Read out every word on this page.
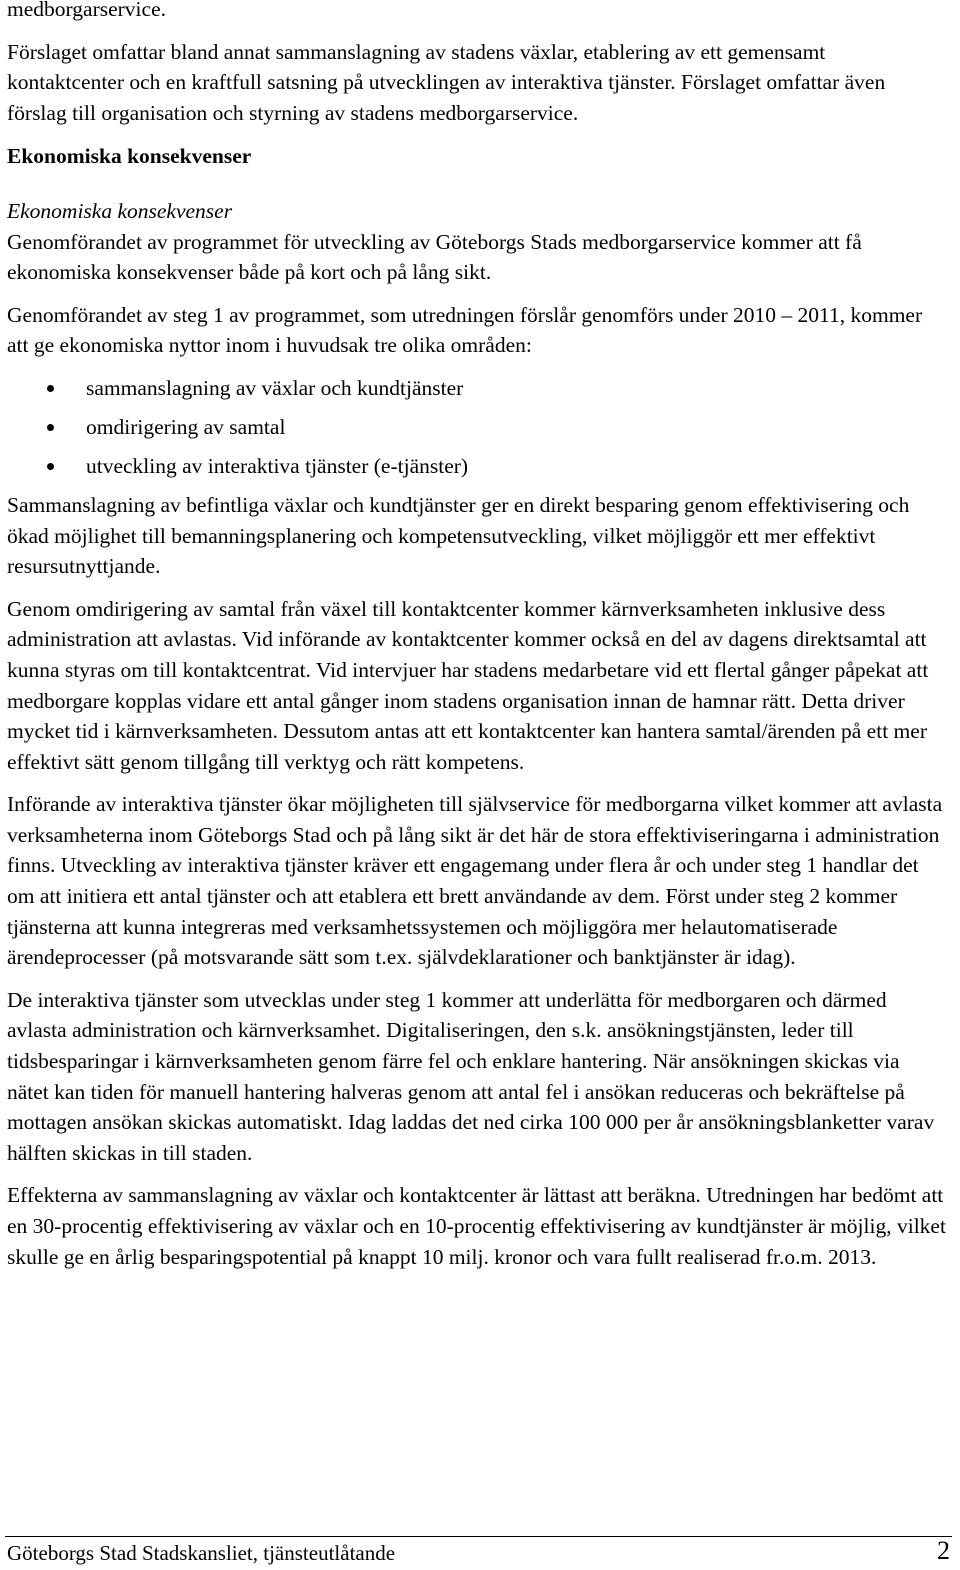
medborgarservice.

Förslaget omfattar bland annat sammanslagning av stadens växlar, etablering av ett gemensamt kontaktcenter och en kraftfull satsning på utvecklingen av interaktiva tjänster. Förslaget omfattar även förslag till organisation och styrning av stadens medborgarservice.

Ekonomiska konsekvenser

Ekonomiska konsekvenser

Genomförandet av programmet för utveckling av Göteborgs Stads medborgarservice kommer att få ekonomiska konsekvenser både på kort och på lång sikt.

Genomförandet av steg 1 av programmet, som utredningen förslår genomförs under 2010 – 2011, kommer att ge ekonomiska nyttor inom i huvudsak tre olika områden:

sammanslagning av växlar och kundtjänster
omdirigering av samtal
utveckling av interaktiva tjänster (e-tjänster)

Sammanslagning av befintliga växlar och kundtjänster ger en direkt besparing genom effektivisering och ökad möjlighet till bemanningsplanering och kompetensutveckling, vilket möjliggör ett mer effektivt resursutnyttjande.

Genom omdirigering av samtal från växel till kontaktcenter kommer kärnverksamheten inklusive dess administration att avlastas. Vid införande av kontaktcenter kommer också en del av dagens direktsamtal att kunna styras om till kontaktcentrat. Vid intervjuer har stadens medarbetare vid ett flertal gånger påpekat att medborgare kopplas vidare ett antal gånger inom stadens organisation innan de hamnar rätt. Detta driver mycket tid i kärnverksamheten. Dessutom antas att ett kontaktcenter kan hantera samtal/ärenden på ett mer effektivt sätt genom tillgång till verktyg och rätt kompetens.

Införande av interaktiva tjänster ökar möjligheten till självservice för medborgarna vilket kommer att avlasta verksamheterna inom Göteborgs Stad och på lång sikt är det här de stora effektiviseringarna i administration finns. Utveckling av interaktiva tjänster kräver ett engagemang under flera år och under steg 1 handlar det om att initiera ett antal tjänster och att etablera ett brett användande av dem. Först under steg 2 kommer tjänsterna att kunna integreras med verksamhetssystemen och möjliggöra mer helautomatiserade ärendeprocesser (på motsvarande sätt som t.ex. självdeklarationer och banktjänster är idag).

De interaktiva tjänster som utvecklas under steg 1 kommer att underlätta för medborgaren och därmed avlasta administration och kärnverksamhet. Digitaliseringen, den s.k. ansökningstjänsten, leder till tidsbesparingar i kärnverksamheten genom färre fel och enklare hantering. När ansökningen skickas via nätet kan tiden för manuell hantering halveras genom att antal fel i ansökan reduceras och bekräftelse på mottagen ansökan skickas automatiskt. Idag laddas det ned cirka 100 000 per år ansökningsblanketter varav hälften skickas in till staden.

Effekterna av sammanslagning av växlar och kontaktcenter är lättast att beräkna. Utredningen har bedömt att en 30-procentig effektivisering av växlar och en 10-procentig effektivisering av kundtjänster är möjlig, vilket skulle ge en årlig besparingspotential på knappt 10 milj. kronor och vara fullt realiserad fr.o.m. 2013.

Göteborgs Stad Stadskansliet, tjänsteutlåtande	2
